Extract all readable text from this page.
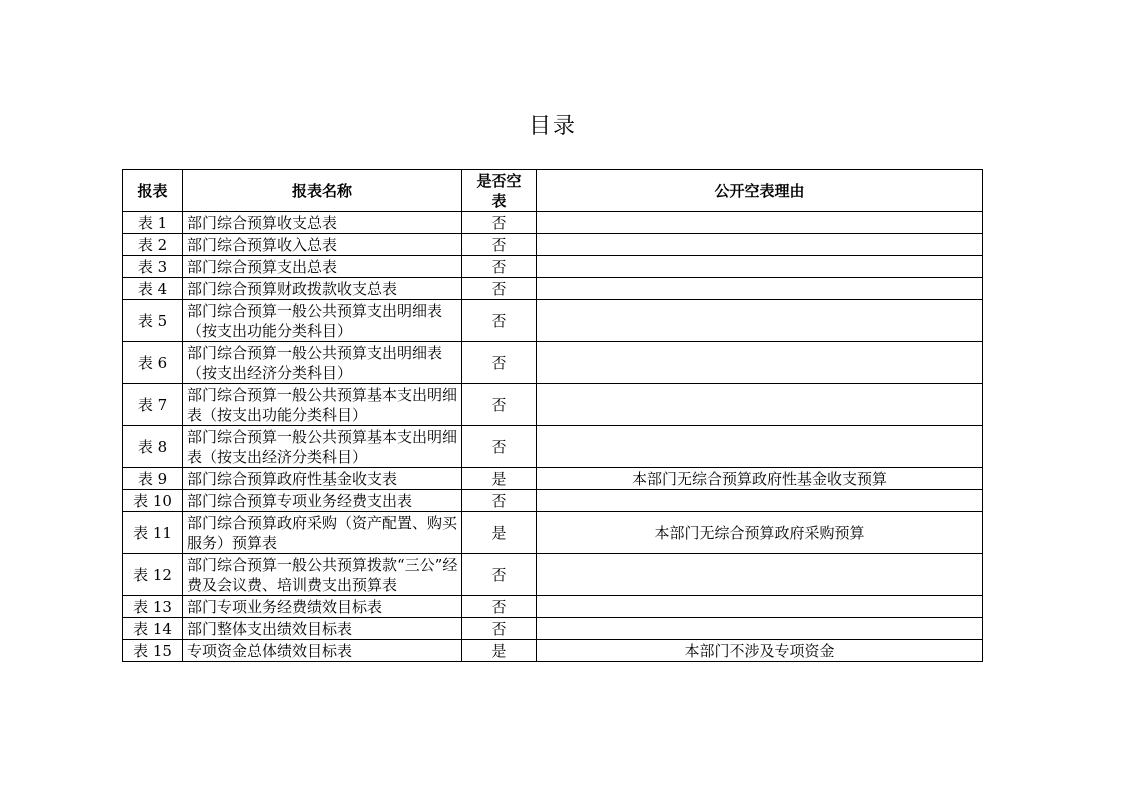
目录
报表	报表名称	是否空表	公开空表理由
表 1	部门综合预算收支总表	否	
表 2	部门综合预算收入总表	否	
表 3	部门综合预算支出总表	否	
表 4	部门综合预算财政拨款收支总表	否	
表 5	部门综合预算一般公共预算支出明细表（按支出功能分类科目）	否	
表 6	部门综合预算一般公共预算支出明细表（按支出经济分类科目）	否	
表 7	部门综合预算一般公共预算基本支出明细表（按支出功能分类科目）	否	
表 8	部门综合预算一般公共预算基本支出明细表（按支出经济分类科目）	否	
表 9	部门综合预算政府性基金收支表	是	本部门无综合预算政府性基金收支预算
表 10	部门综合预算专项业务经费支出表	否	
表 11	部门综合预算政府采购（资产配置、购买服务）预算表	是	本部门无综合预算政府采购预算
表 12	部门综合预算一般公共预算拨款“三公”经费及会议费、培训费支出预算表	否	
表 13	部门专项业务经费绩效目标表	否	
表 14	部门整体支出绩效目标表	否	
表 15	专项资金总体绩效目标表	是	本部门不涉及专项资金
